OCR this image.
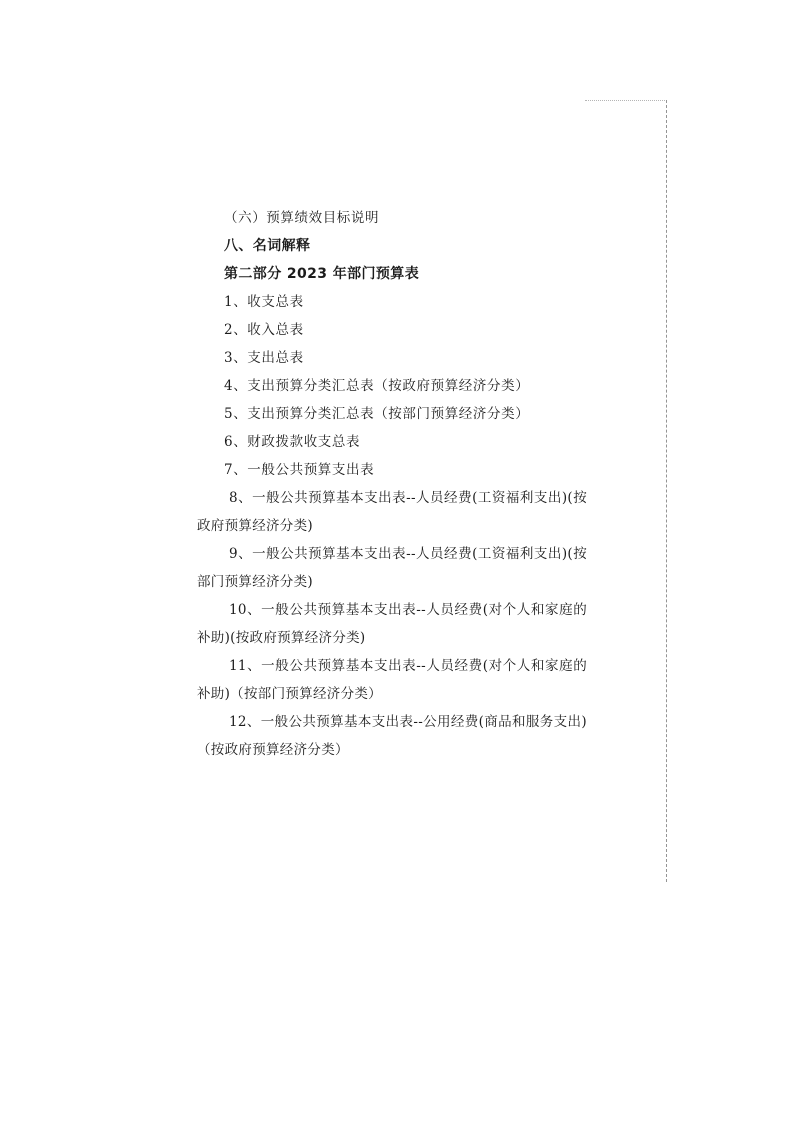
（六）预算绩效目标说明
八、名词解释
第二部分 2023 年部门预算表
1、收支总表
2、收入总表
3、支出总表
4、支出预算分类汇总表（按政府预算经济分类）
5、支出预算分类汇总表（按部门预算经济分类）
6、财政拨款收支总表
7、一般公共预算支出表
8、一般公共预算基本支出表--人员经费(工资福利支出)(按政府预算经济分类)
9、一般公共预算基本支出表--人员经费(工资福利支出)(按部门预算经济分类)
10、一般公共预算基本支出表--人员经费(对个人和家庭的补助)(按政府预算经济分类)
11、一般公共预算基本支出表--人员经费(对个人和家庭的补助)（按部门预算经济分类）
12、一般公共预算基本支出表--公用经费(商品和服务支出)（按政府预算经济分类）
